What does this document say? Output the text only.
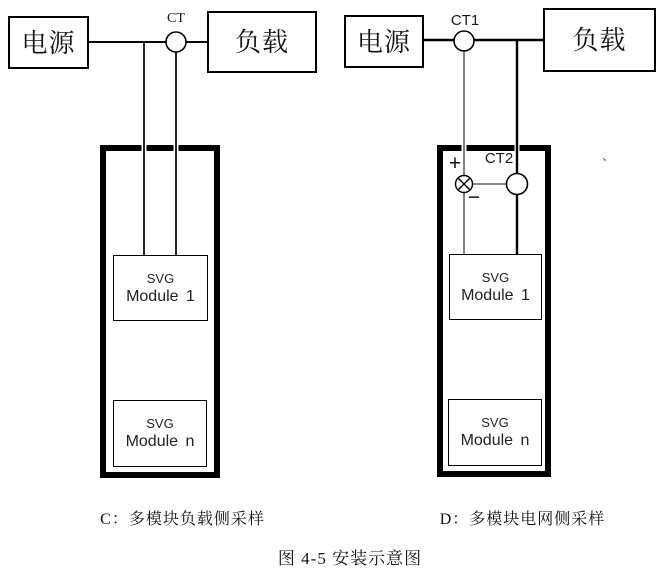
电源	负载
SVG
Module 1
SVG
Module n
CT
C：多模块负载侧采样
电源	负载
SVG
Module 1
SVG
Module n
CT1
CT2
+
−
、
D：多模块电网侧采样
图 4-5 安装示意图
